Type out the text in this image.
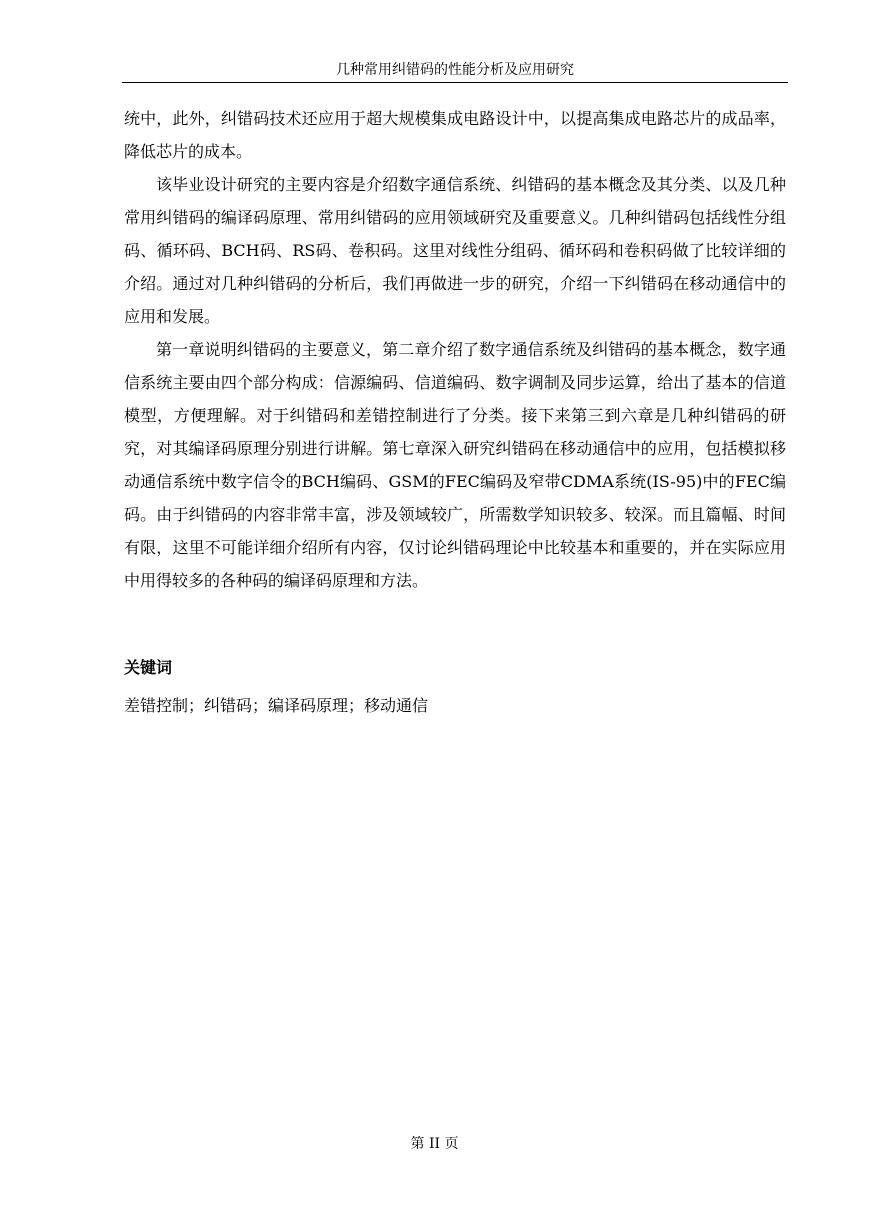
几种常用纠错码的性能分析及应用研究

统中，此外，纠错码技术还应用于超大规模集成电路设计中，以提高集成电路芯片的成品率，降低芯片的成本。

该毕业设计研究的主要内容是介绍数字通信系统、纠错码的基本概念及其分类、以及几种常用纠错码的编译码原理、常用纠错码的应用领域研究及重要意义。几种纠错码包括线性分组码、循环码、BCH码、RS码、卷积码。这里对线性分组码、循环码和卷积码做了比较详细的介绍。通过对几种纠错码的分析后，我们再做进一步的研究，介绍一下纠错码在移动通信中的应用和发展。

第一章说明纠错码的主要意义，第二章介绍了数字通信系统及纠错码的基本概念，数字通信系统主要由四个部分构成：信源编码、信道编码、数字调制及同步运算，给出了基本的信道模型，方便理解。对于纠错码和差错控制进行了分类。接下来第三到六章是几种纠错码的研究，对其编译码原理分别进行讲解。第七章深入研究纠错码在移动通信中的应用，包括模拟移动通信系统中数字信令的BCH编码、GSM的FEC编码及窄带CDMA系统(IS-95)中的FEC编码。由于纠错码的内容非常丰富，涉及领域较广，所需数学知识较多、较深。而且篇幅、时间有限，这里不可能详细介绍所有内容，仅讨论纠错码理论中比较基本和重要的，并在实际应用中用得较多的各种码的编译码原理和方法。

关键词
差错控制；纠错码；编译码原理；移动通信
第 II 页
